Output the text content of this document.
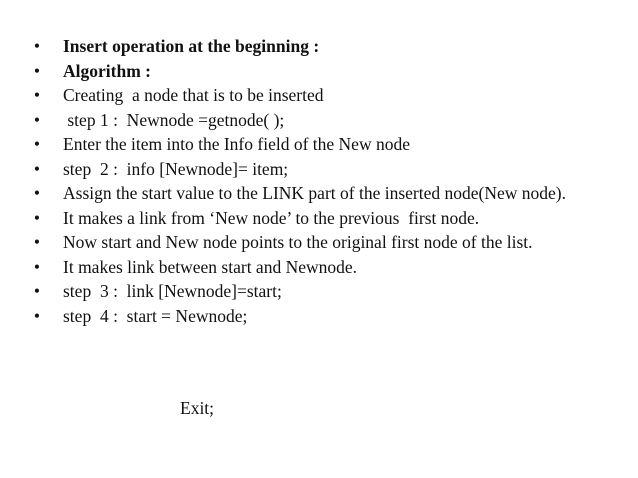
•	Insert operation at the beginning :
•	Algorithm :
•	Creating  a node that is to be inserted
•	step 1 :  Newnode =getnode( );
•	Enter the item into the Info field of the New node
•	step  2 :  info [Newnode]= item;
•	Assign the start value to the LINK part of the inserted node(New node).
•	It makes a link from ‘New node’ to the previous  first node.
•	Now start and New node points to the original first node of the list.
•	It makes link between start and Newnode.
•	step  3 :  link [Newnode]=start;
•	step  4 :  start = Newnode;
Exit;
